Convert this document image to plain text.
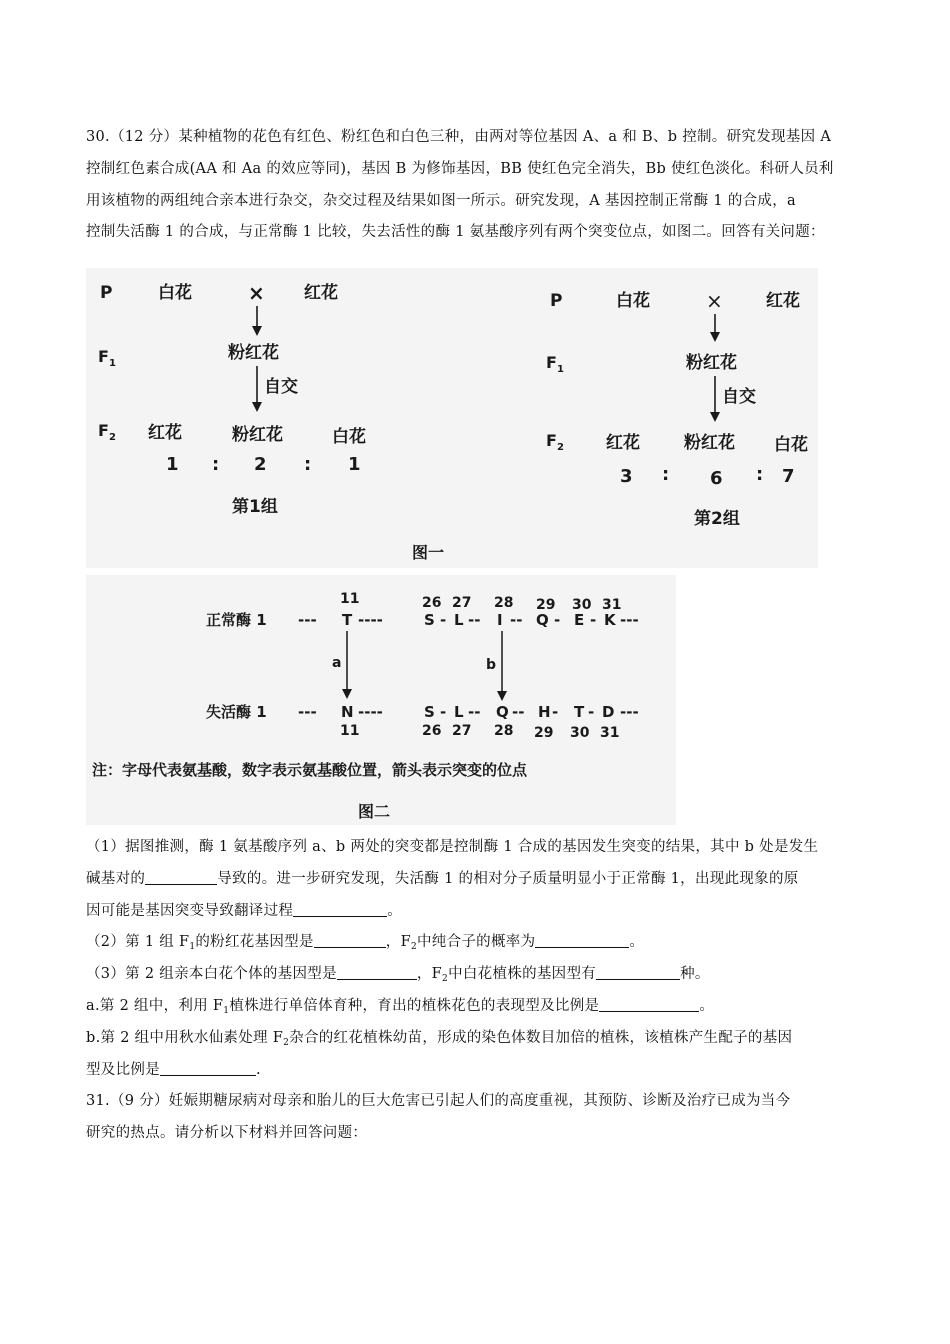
30.（12 分）某种植物的花色有红色、粉红色和白色三种，由两对等位基因 A、a 和 B、b 控制。研究发现基因 A
控制红色素合成(AA 和 Aa 的效应等同)，基因 B 为修饰基因，BB 使红色完全消失，Bb 使红色淡化。科研人员利
用该植物的两组纯合亲本进行杂交，杂交过程及结果如图一所示。研究发现，A 基因控制正常酶 1 的合成，a
控制失活酶 1 的合成，与正常酶 1 比较，失去活性的酶 1 氨基酸序列有两个突变位点，如图二。回答有关问题：
P	白花	× 红花
$F_1$
粉红花
自交
$F_2$ 红花	粉红花	白花
1 : 2 : 1
第1组
P	白花	×	红花
$F_1$	粉红花
自交
$F_2$ 红花	粉红花 白花
3 : 6 : 7
第2组
图一
11	26 27 28 29 30 31
正常酶 1 --- T ----	S - L -- I -- Q - E - K ---
a	b
失活酶 1 --- N ----	S - L -- Q -- H - T - D ---
11	26 27 28 29 30 31
注：字母代表氨基酸，数字表示氨基酸位置，箭头表示突变的位点
图二
（1）据图推测，酶 1 氨基酸序列 a、b 两处的突变都是控制酶 1 合成的基因发生突变的结果，其中 b 处是发生
碱基对的	导致的。进一步研究发现，失活酶 1 的相对分子质量明显小于正常酶 1，出现此现象的原
因可能是基因突变导致翻译过程	。
（2）第 1 组 $F_1$的粉红花基因型是	，$F_2$中纯合子的概率为	。
（3）第 2 组亲本白花个体的基因型是	，$F_2$中白花植株的基因型有	种。
a.第 2 组中，利用 $F_1$植株进行单倍体育种，育出的植株花色的表现型及比例是	。
b.第 2 组中用秋水仙素处理 $F_2$杂合的红花植株幼苗，形成的染色体数目加倍的植株，该植株产生配子的基因
型及比例是	.
31.（9 分）妊娠期糖尿病对母亲和胎儿的巨大危害已引起人们的高度重视，其预防、诊断及治疗已成为当今
研究的热点。请分析以下材料并回答问题：
